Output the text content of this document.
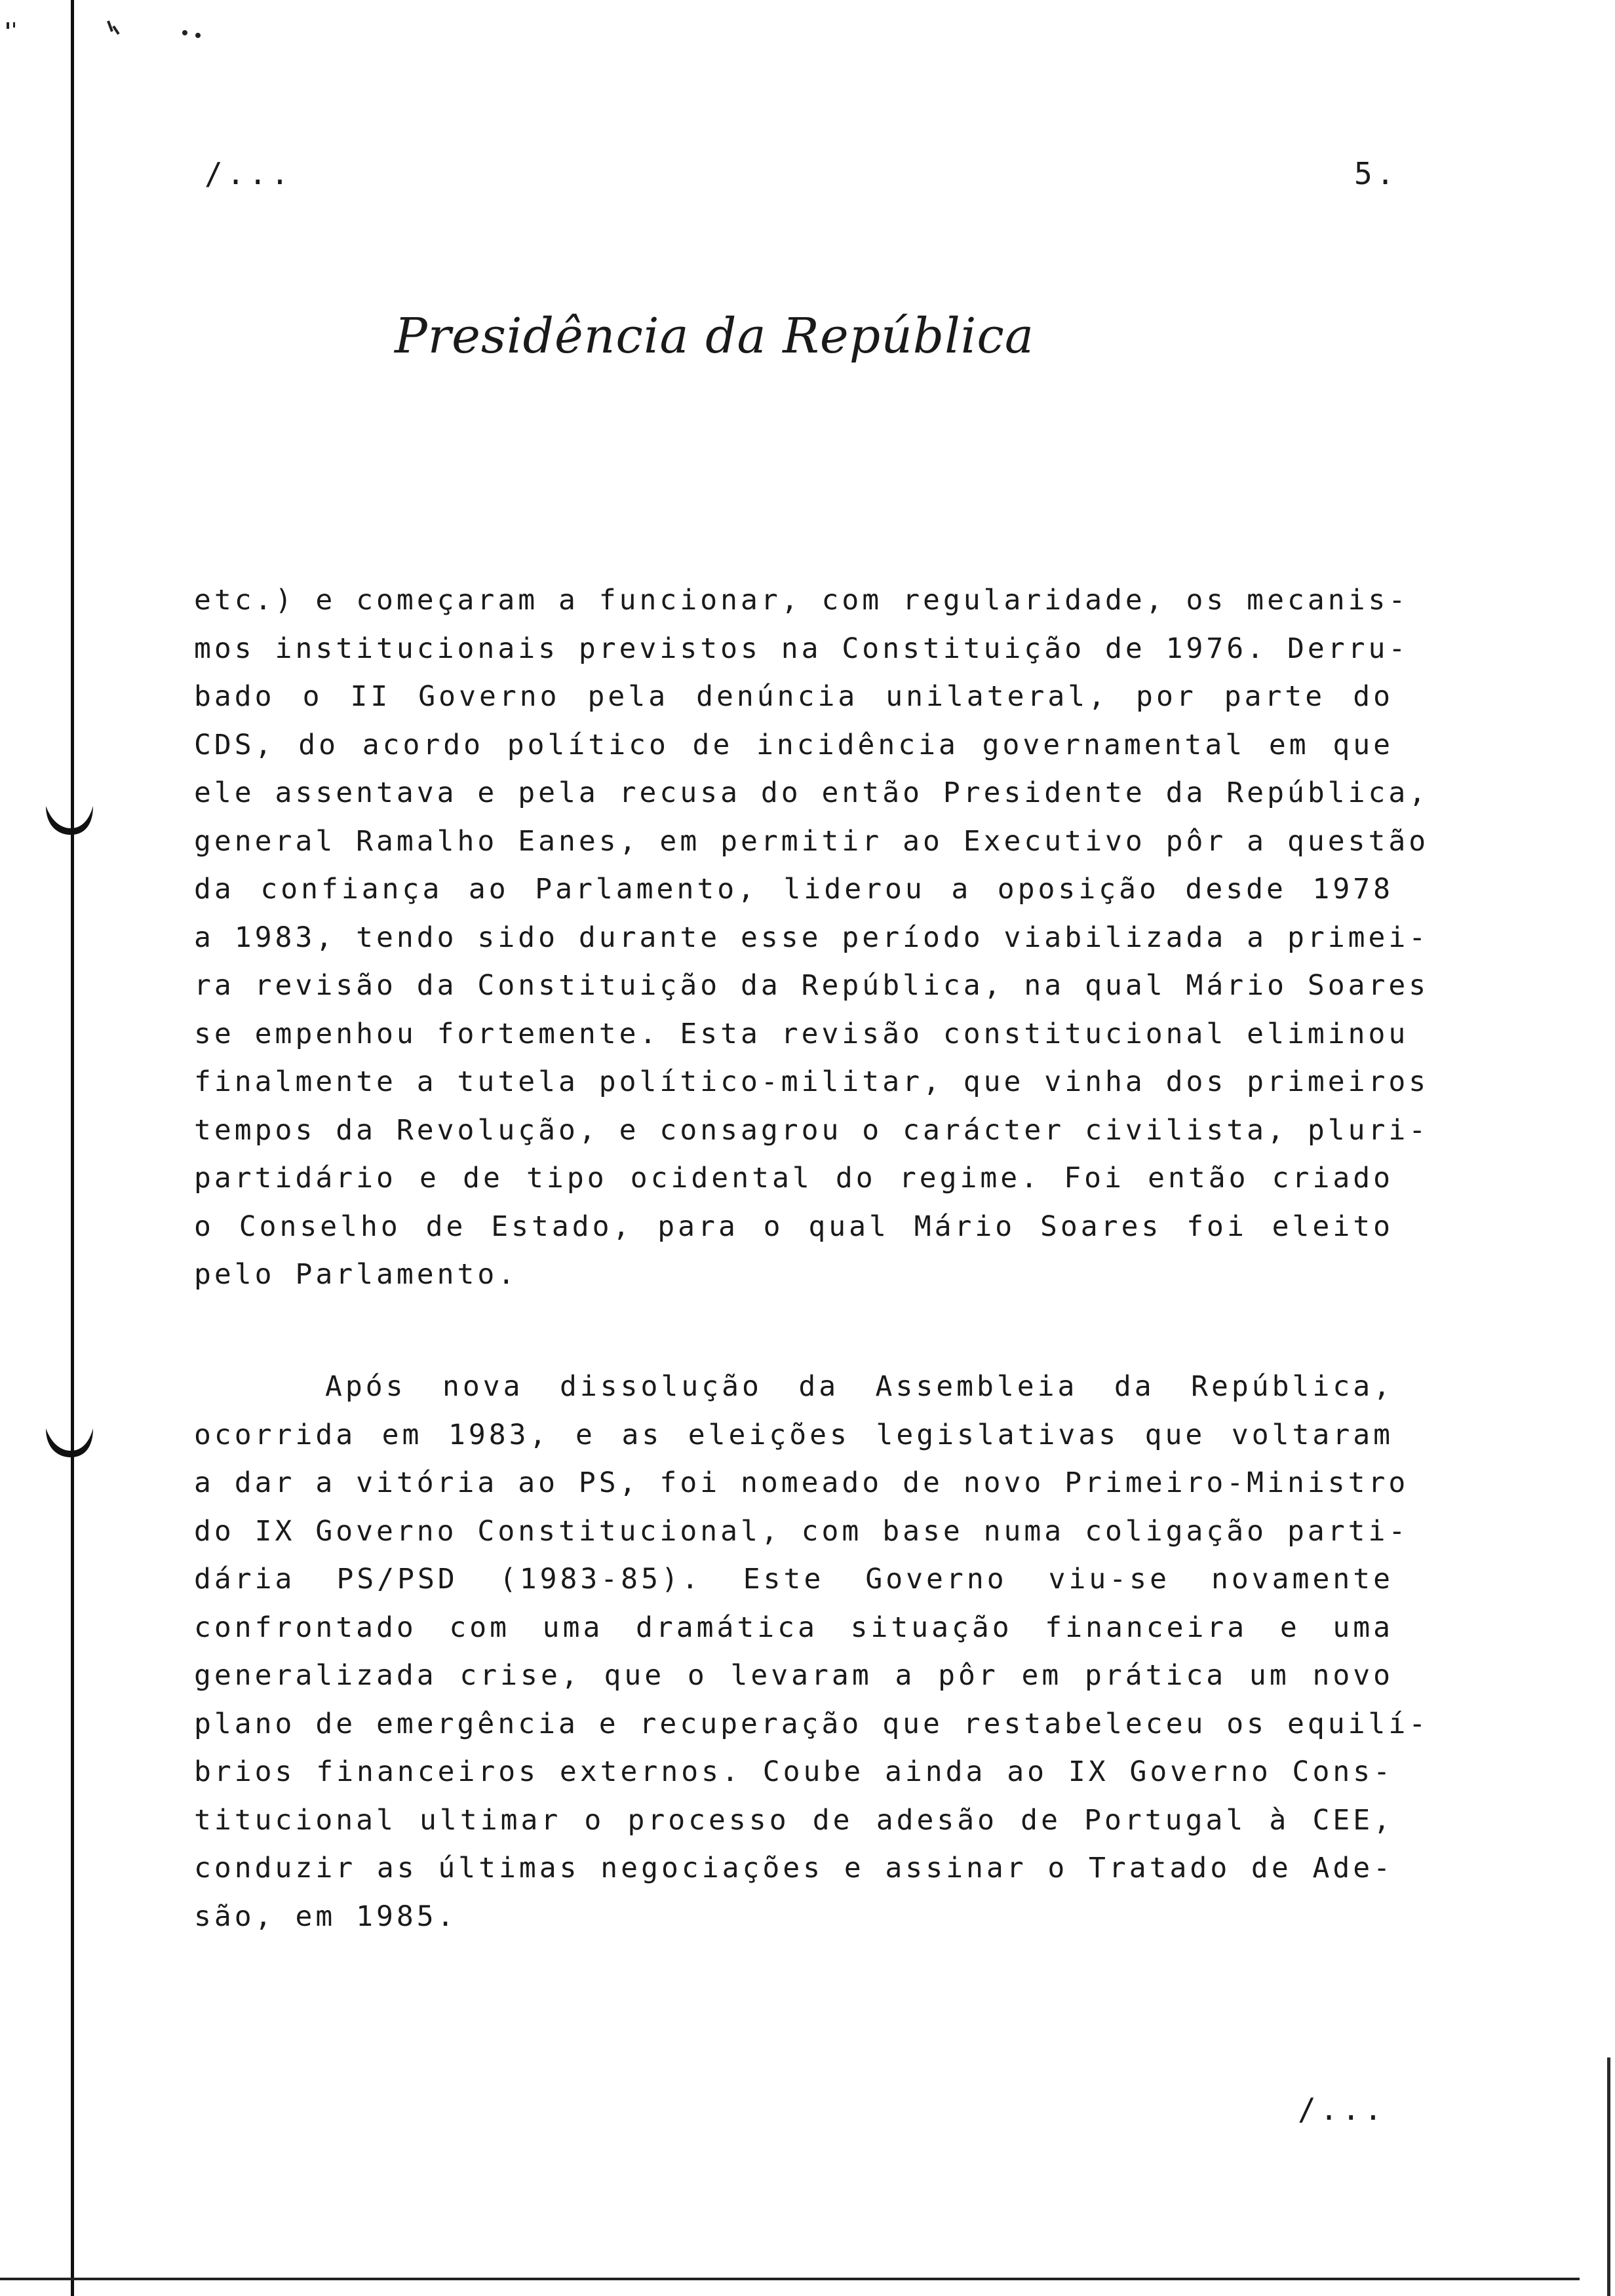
/...	5.
Presidência da República
etc.) e começaram a funcionar, com regularidade, os mecanis-
mos institucionais previstos na Constituição de 1976. Derru-
bado o II Governo pela denúncia unilateral, por parte do
CDS, do acordo político de incidência governamental em que
ele assentava e pela recusa do então Presidente da República,
general Ramalho Eanes, em permitir ao Executivo pôr a questão
da confiança ao Parlamento, liderou a oposição desde 1978
a 1983, tendo sido durante esse período viabilizada a primei-
ra revisão da Constituição da República, na qual Mário Soares
se empenhou fortemente. Esta revisão constitucional eliminou
finalmente a tutela político-militar, que vinha dos primeiros
tempos da Revolução, e consagrou o carácter civilista, pluri-
partidário e de tipo ocidental do regime. Foi então criado
o Conselho de Estado, para o qual Mário Soares foi eleito
pelo Parlamento.
Após nova dissolução da Assembleia da República,
ocorrida em 1983, e as eleições legislativas que voltaram
a dar a vitória ao PS, foi nomeado de novo Primeiro-Ministro
do IX Governo Constitucional, com base numa coligação parti-
dária PS/PSD (1983-85). Este Governo viu-se novamente
confrontado com uma dramática situação financeira e uma
generalizada crise, que o levaram a pôr em prática um novo
plano de emergência e recuperação que restabeleceu os equilí-
brios financeiros externos. Coube ainda ao IX Governo Cons-
titucional ultimar o processo de adesão de Portugal à CEE,
conduzir as últimas negociações e assinar o Tratado de Ade-
são, em 1985.
/...
